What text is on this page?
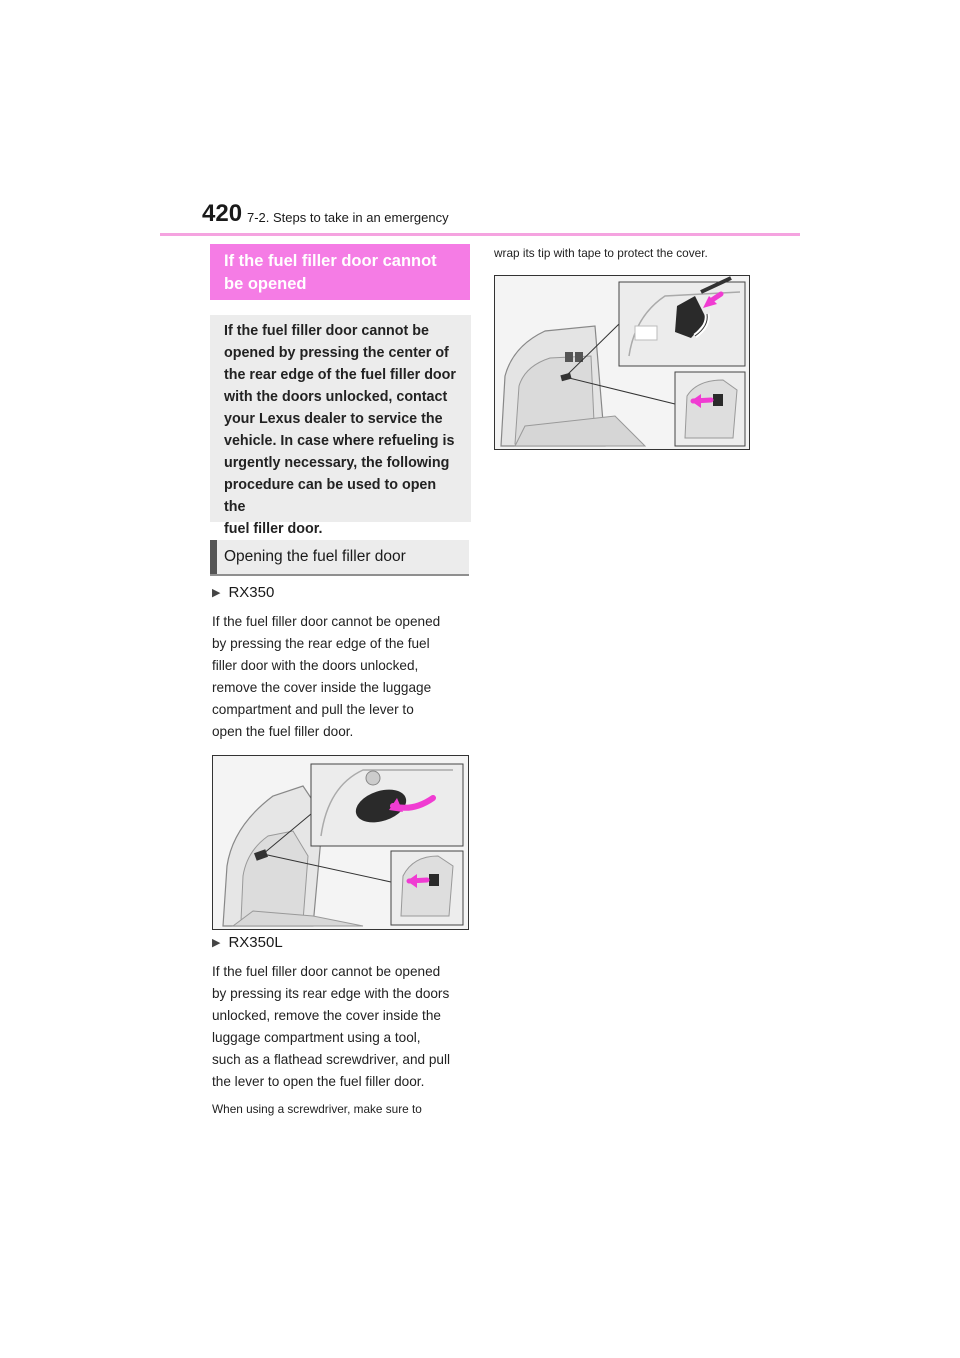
420 7-2. Steps to take in an emergency
If the fuel filler door cannot
be opened

If the fuel filler door cannot be

opened by pressing the center of

the rear edge of the fuel filler door

with the doors unlocked, contact

your Lexus dealer to service the

vehicle. In case where refueling is

urgently necessary, the following

procedure can be used to open the

fuel filler door.

Opening the fuel filler door
▶ RX350
If the fuel filler door cannot be opened
by pressing the rear edge of the fuel
filler door with the doors unlocked,
remove the cover inside the luggage
compartment and pull the lever to
open the fuel filler door.
▶ RX350L
If the fuel filler door cannot be opened
by pressing its rear edge with the doors
unlocked, remove the cover inside the
luggage compartment using a tool,
such as a flathead screwdriver, and pull
the lever to open the fuel filler door.
When using a screwdriver, make sure to
wrap its tip with tape to protect the cover.
